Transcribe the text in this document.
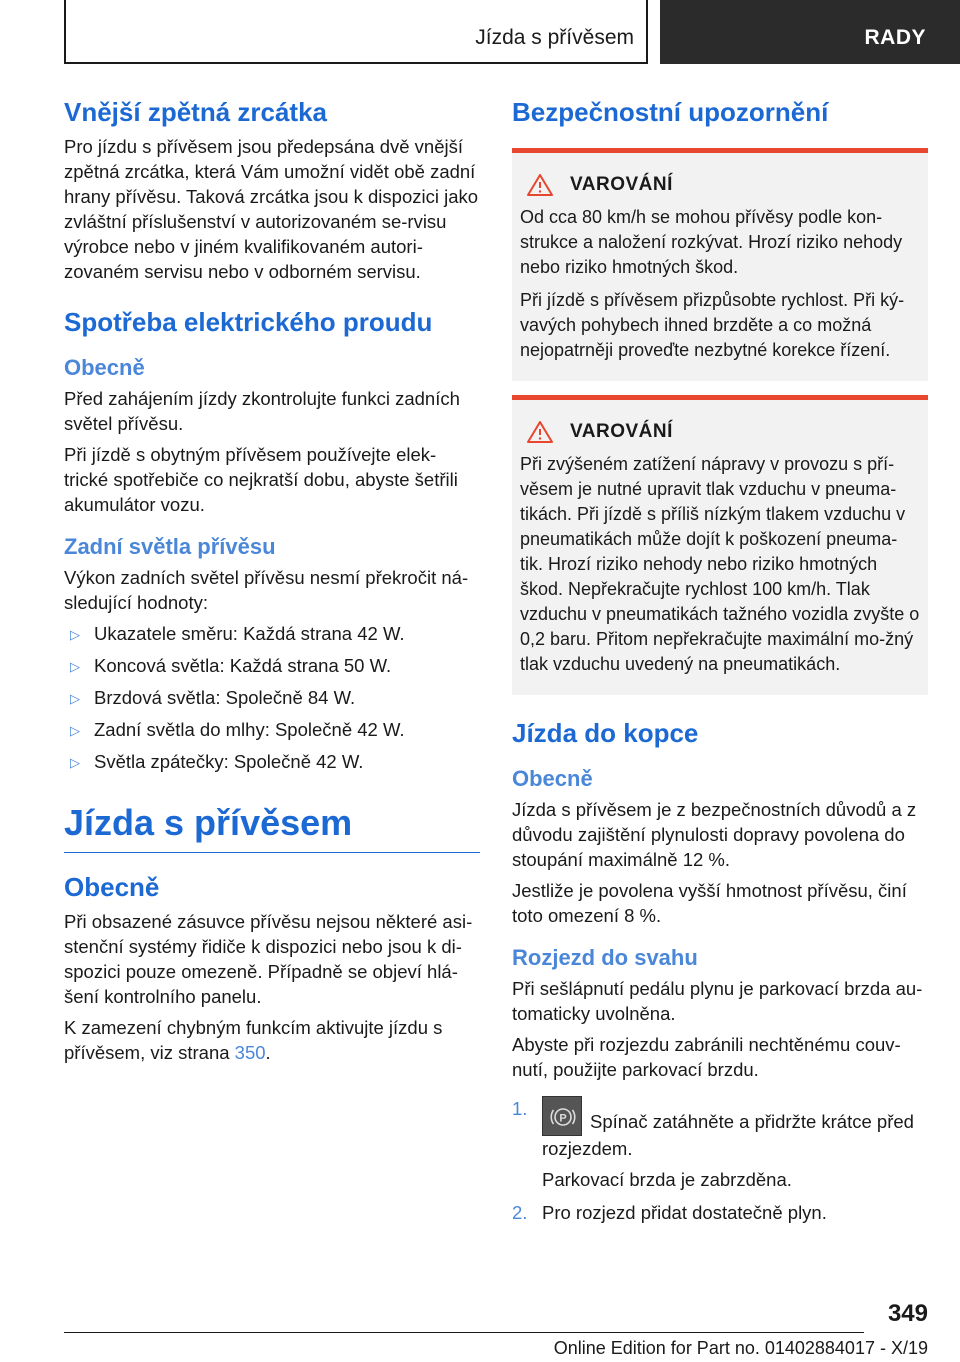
Jízda s přívěsem	RADY
Vnější zpětná zrcátka

Pro jízdu s přívěsem jsou předepsána dvě vnější zpětná zrcátka, která Vám umožní vidět obě zadní hrany přívěsu. Taková zrcátka jsou k dispozici jako zvláštní příslušenství v autorizovaném se‐rvisu výrobce nebo v jiném kvalifikovaném autori‐zovaném servisu nebo v odborném servisu.

Spotřeba elektrického proudu
Obecně

Před zahájením jízdy zkontrolujte funkci zadních světel přívěsu.

Při jízdě s obytným přívěsem používejte elek‐trické spotřebiče co nejkratší dobu, abyste šetřili akumulátor vozu.

Zadní světla přívěsu

Výkon zadních světel přívěsu nesmí překročit ná‐sledující hodnoty:

▷ Ukazatele směru: Každá strana 42 W.
▷ Koncová světla: Každá strana 50 W.
▷ Brzdová světla: Společně 84 W.
▷ Zadní světla do mlhy: Společně 42 W.
▷ Světla zpátečky: Společně 42 W.
Jízda s přívěsem
Obecně

Při obsazené zásuvce přívěsu nejsou některé asi‐stenční systémy řidiče k dispozici nebo jsou k di‐spozici pouze omezeně. Případně se objeví hlá‐šení kontrolního panelu.

K zamezení chybným funkcím aktivujte jízdu s přívěsem, viz strana 350.

Bezpečnostní upozornění
VAROVÁNÍ

Od cca 80 km/h se mohou přívěsy podle kon‐strukce a naložení rozkývat. Hrozí riziko nehody nebo riziko hmotných škod.

Při jízdě s přívěsem přizpůsobte rychlost. Při ký‐vavých pohybech ihned brzděte a co možná nejopatrněji proveďte nezbytné korekce řízení.

VAROVÁNÍ

Při zvýšeném zatížení nápravy v provozu s pří‐věsem je nutné upravit tlak vzduchu v pneuma‐tikách. Při jízdě s příliš nízkým tlakem vzduchu v pneumatikách může dojít k poškození pneuma‐tik. Hrozí riziko nehody nebo riziko hmotných škod. Nepřekračujte rychlost 100 km/h. Tlak vzduchu v pneumatikách tažného vozidla zvyšte o 0,2 baru. Přitom nepřekračujte maximální mo‐žný tlak vzduchu uvedený na pneumatikách.

Jízda do kopce
Obecně

Jízda s přívěsem je z bezpečnostních důvodů a z důvodu zajištění plynulosti dopravy povolena do stoupání maximálně 12 %.

Jestliže je povolena vyšší hmotnost přívěsu, činí toto omezení 8 %.

Rozjezd do svahu

Při sešlápnutí pedálu plynu je parkovací brzda au‐tomaticky uvolněna.

Abyste při rozjezdu zabránili nechtěnému couv‐nutí, použijte parkovací brzdu.

1.	P Spínač zatáhněte a přidržte krátce před rozjezdem.
Parkovací brzda je zabrzděna.
2. Pro rozjezd přidat dostatečně plyn.
349
Online Edition for Part no. 01402884017 - X/19
